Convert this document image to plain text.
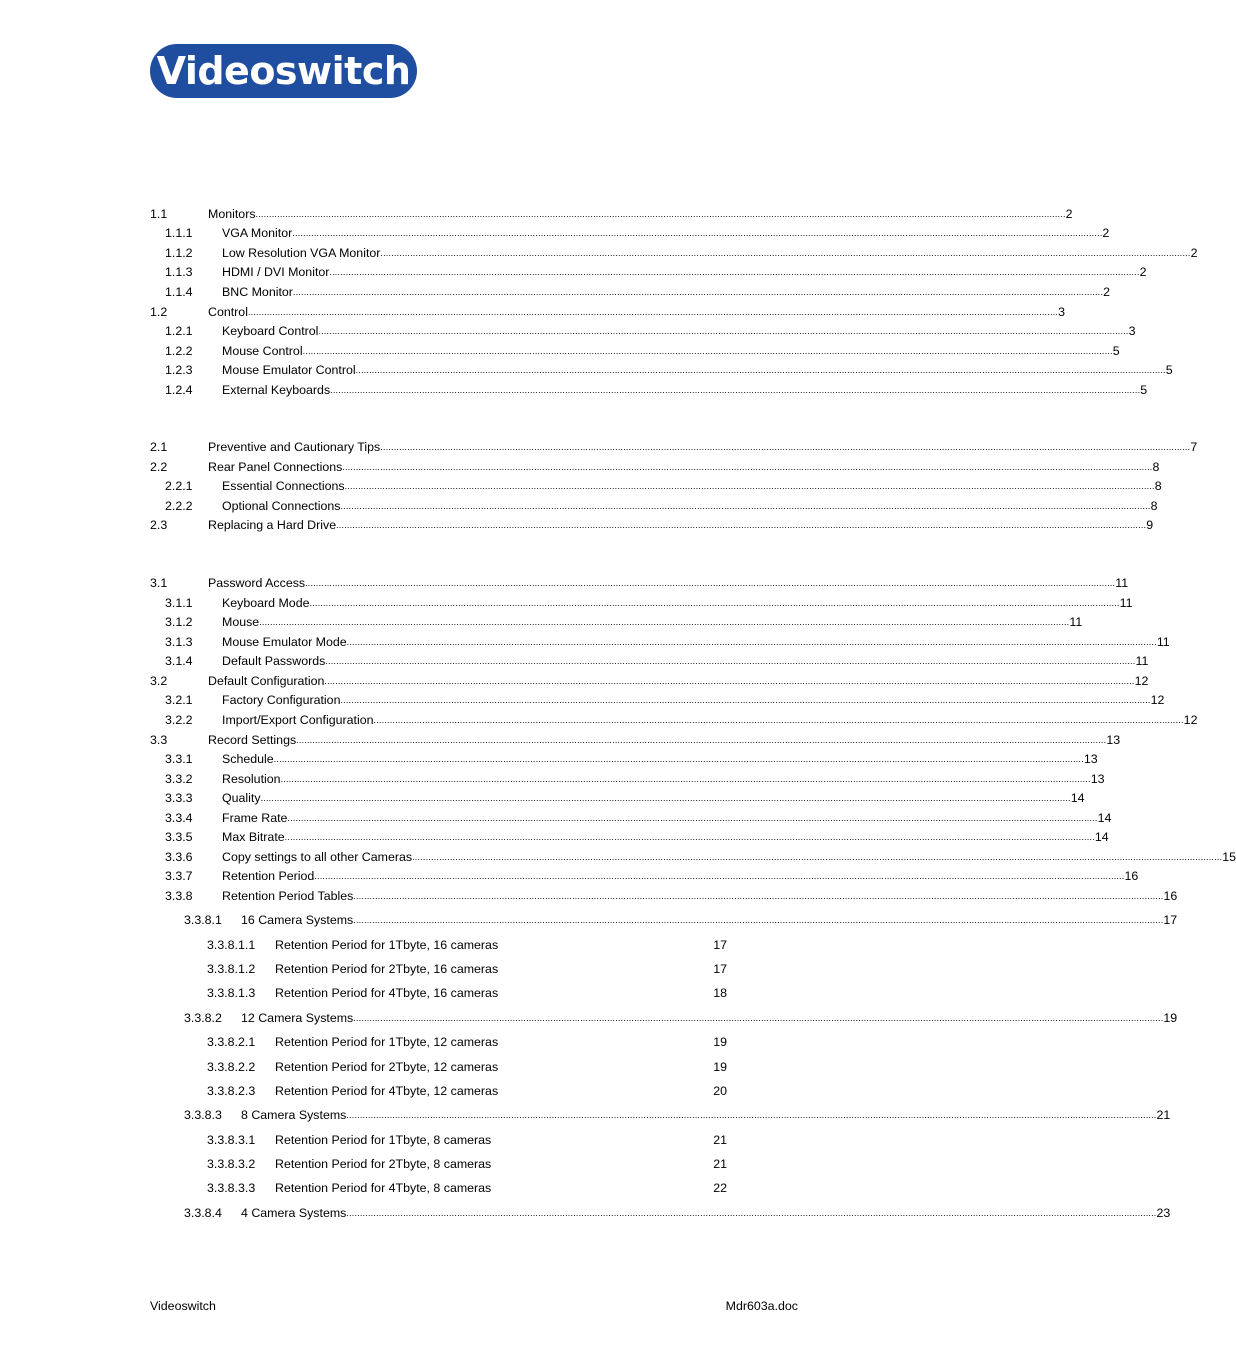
Videoswitch
1.1	Monitors ............................................................................................................................................................................................................................................................................................................ 2
1.1.1 VGA Monitor ............................................................................................................................................................................................................................................................................................................ 2
1.1.2 Low Resolution VGA Monitor ............................................................................................................................................................................................................................................................................................................ 2
1.1.3 HDMI / DVI Monitor ............................................................................................................................................................................................................................................................................................................ 2
1.1.4 BNC Monitor ............................................................................................................................................................................................................................................................................................................ 2
1.2	Control ............................................................................................................................................................................................................................................................................................................ 3
1.2.1 Keyboard Control ............................................................................................................................................................................................................................................................................................................ 3
1.2.2 Mouse Control ............................................................................................................................................................................................................................................................................................................ 5
1.2.3 Mouse Emulator Control ............................................................................................................................................................................................................................................................................................................ 5
1.2.4 External Keyboards ............................................................................................................................................................................................................................................................................................................ 5
2.1	Preventive and Cautionary Tips ............................................................................................................................................................................................................................................................................................................ 7
2.2	Rear Panel Connections ............................................................................................................................................................................................................................................................................................................ 8
2.2.1 Essential Connections ............................................................................................................................................................................................................................................................................................................ 8
2.2.2 Optional Connections ............................................................................................................................................................................................................................................................................................................ 8
2.3	Replacing a Hard Drive ............................................................................................................................................................................................................................................................................................................ 9
3.1	Password Access ............................................................................................................................................................................................................................................................................................................ 11
3.1.1 Keyboard Mode ............................................................................................................................................................................................................................................................................................................ 11
3.1.2 Mouse ............................................................................................................................................................................................................................................................................................................ 11
3.1.3 Mouse Emulator Mode ............................................................................................................................................................................................................................................................................................................ 11
3.1.4 Default Passwords ............................................................................................................................................................................................................................................................................................................ 11
3.2	Default Configuration ............................................................................................................................................................................................................................................................................................................ 12
3.2.1 Factory Configuration ............................................................................................................................................................................................................................................................................................................ 12
3.2.2 Import/Export Configuration ............................................................................................................................................................................................................................................................................................................ 12
3.3	Record Settings ............................................................................................................................................................................................................................................................................................................ 13
3.3.1 Schedule ............................................................................................................................................................................................................................................................................................................ 13
3.3.2 Resolution ............................................................................................................................................................................................................................................................................................................ 13
3.3.3 Quality ............................................................................................................................................................................................................................................................................................................ 14
3.3.4 Frame Rate ............................................................................................................................................................................................................................................................................................................ 14
3.3.5 Max Bitrate ............................................................................................................................................................................................................................................................................................................ 14
3.3.6 Copy settings to all other Cameras ............................................................................................................................................................................................................................................................................................................ 15
3.3.7 Retention Period ............................................................................................................................................................................................................................................................................................................ 16
3.3.8 Retention Period Tables ............................................................................................................................................................................................................................................................................................................ 16
3.3.8.1 16 Camera Systems ............................................................................................................................................................................................................................................................................................................ 17
3.3.8.1.1 Retention Period for 1Tbyte, 16 cameras	17
3.3.8.1.2 Retention Period for 2Tbyte, 16 cameras	17
3.3.8.1.3 Retention Period for 4Tbyte, 16 cameras	18
3.3.8.2 12 Camera Systems ............................................................................................................................................................................................................................................................................................................ 19
3.3.8.2.1 Retention Period for 1Tbyte, 12 cameras	19
3.3.8.2.2 Retention Period for 2Tbyte, 12 cameras	19
3.3.8.2.3 Retention Period for 4Tbyte, 12 cameras	20
3.3.8.3 8 Camera Systems ............................................................................................................................................................................................................................................................................................................ 21
3.3.8.3.1 Retention Period for 1Tbyte, 8 cameras	21
3.3.8.3.2 Retention Period for 2Tbyte, 8 cameras	21
3.3.8.3.3 Retention Period for 4Tbyte, 8 cameras	22
3.3.8.4 4 Camera Systems ............................................................................................................................................................................................................................................................................................................ 23
Videoswitch	Mdr603a.doc
